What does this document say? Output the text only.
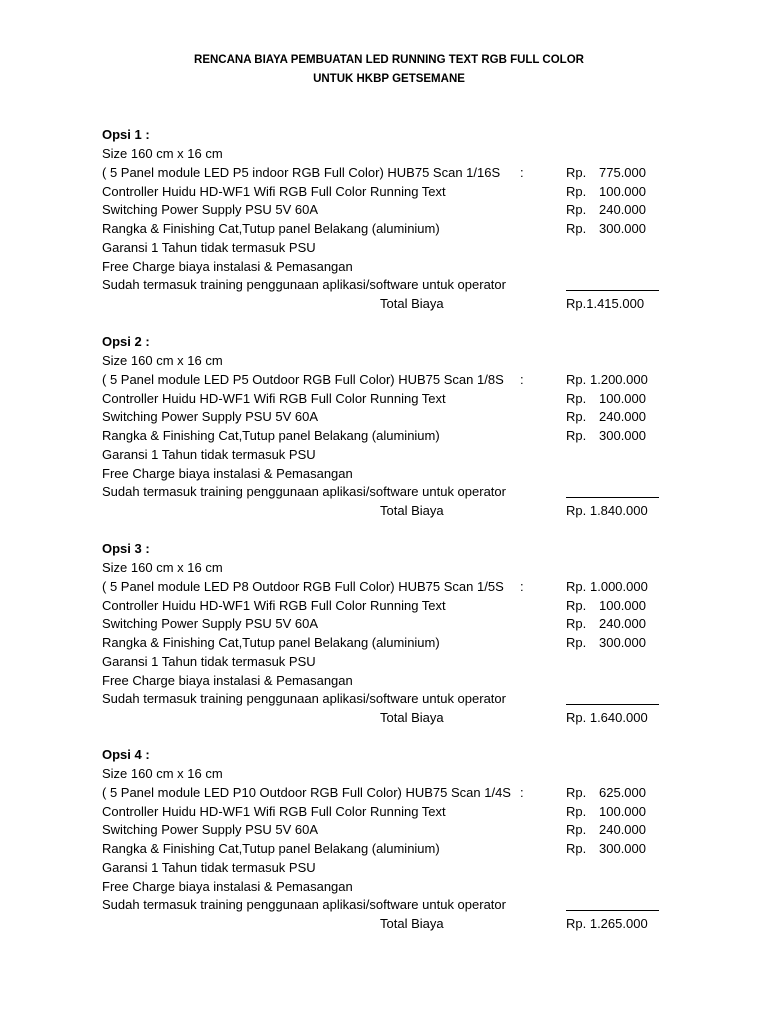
RENCANA BIAYA PEMBUATAN LED RUNNING TEXT RGB FULL COLOR
UNTUK HKBP GETSEMANE
Opsi 1 :
Size 160 cm x 16 cm
( 5 Panel module LED P5 indoor RGB Full Color) HUB75 Scan 1/16S :	Rp. 775.000
Controller Huidu HD-WF1 Wifi RGB Full Color Running Text	Rp. 100.000
Switching Power Supply PSU 5V 60A	Rp. 240.000
Rangka & Finishing Cat,Tutup panel Belakang (aluminium)	Rp. 300.000
Garansi 1 Tahun tidak termasuk PSU
Free Charge biaya instalasi & Pemasangan
Sudah termasuk training penggunaan aplikasi/software untuk operator
Total Biaya	Rp.1.415.000
Opsi 2 :
Size 160 cm x 16 cm
( 5 Panel module LED P5 Outdoor RGB Full Color) HUB75 Scan 1/8S :	Rp. 1.200.000
Controller Huidu HD-WF1 Wifi RGB Full Color Running Text	Rp. 100.000
Switching Power Supply PSU 5V 60A	Rp. 240.000
Rangka & Finishing Cat,Tutup panel Belakang (aluminium)	Rp. 300.000
Garansi 1 Tahun tidak termasuk PSU
Free Charge biaya instalasi & Pemasangan
Sudah termasuk training penggunaan aplikasi/software untuk operator
Total Biaya	Rp. 1.840.000
Opsi 3 :
Size 160 cm x 16 cm
( 5 Panel module LED P8 Outdoor RGB Full Color) HUB75 Scan 1/5S :	Rp. 1.000.000
Controller Huidu HD-WF1 Wifi RGB Full Color Running Text	Rp. 100.000
Switching Power Supply PSU 5V 60A	Rp. 240.000
Rangka & Finishing Cat,Tutup panel Belakang (aluminium)	Rp. 300.000
Garansi 1 Tahun tidak termasuk PSU
Free Charge biaya instalasi & Pemasangan
Sudah termasuk training penggunaan aplikasi/software untuk operator
Total Biaya	Rp. 1.640.000
Opsi 4 :
Size 160 cm x 16 cm
( 5 Panel module LED P10 Outdoor RGB Full Color) HUB75 Scan 1/4S :	Rp. 625.000
Controller Huidu HD-WF1 Wifi RGB Full Color Running Text	Rp. 100.000
Switching Power Supply PSU 5V 60A	Rp. 240.000
Rangka & Finishing Cat,Tutup panel Belakang (aluminium)	Rp. 300.000
Garansi 1 Tahun tidak termasuk PSU
Free Charge biaya instalasi & Pemasangan
Sudah termasuk training penggunaan aplikasi/software untuk operator
Total Biaya	Rp. 1.265.000
